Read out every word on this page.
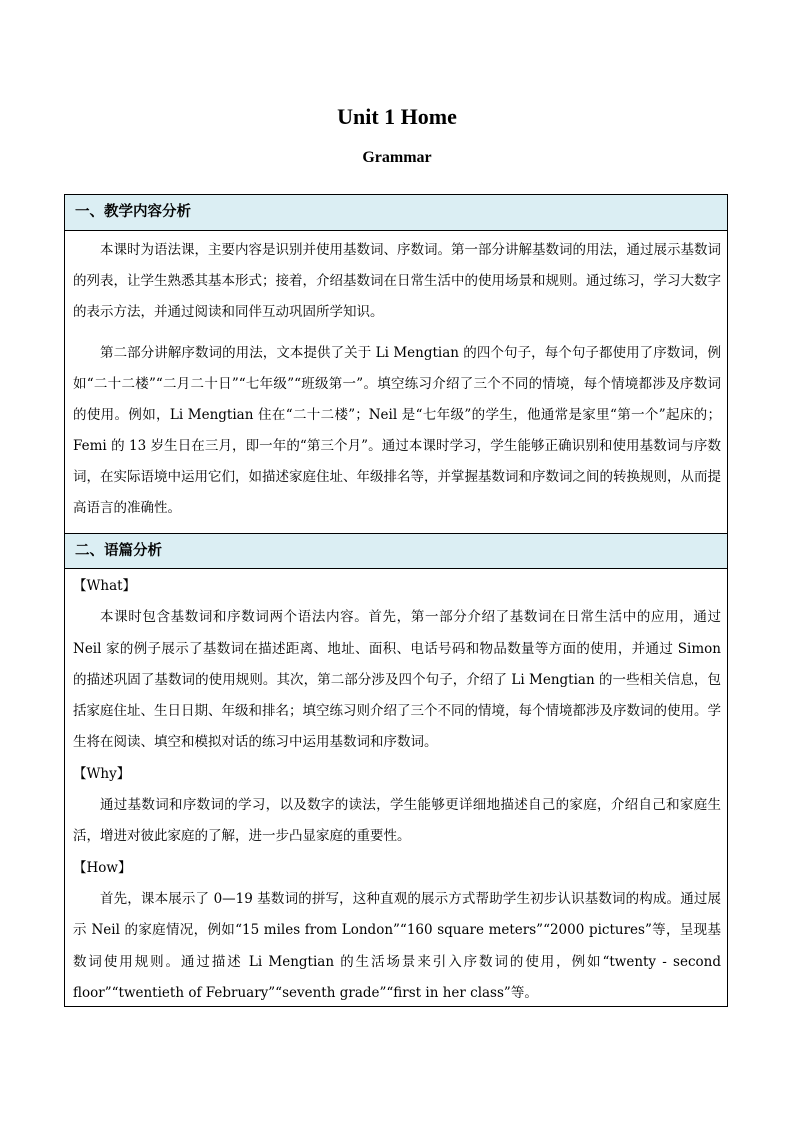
Unit 1 Home
Grammar
一、教学内容分析

本课时为语法课，主要内容是识别并使用基数词、序数词。第一部分讲解基数词的用法，通过展示基数词的列表，让学生熟悉其基本形式；接着，介绍基数词在日常生活中的使用场景和规则。通过练习，学习大数字的表示方法，并通过阅读和同伴互动巩固所学知识。

第二部分讲解序数词的用法，文本提供了关于 Li Mengtian 的四个句子，每个句子都使用了序数词，例如“二十二楼”“二月二十日”“七年级”“班级第一”。填空练习介绍了三个不同的情境，每个情境都涉及序数词的使用。例如，Li Mengtian 住在“二十二楼”；Neil 是“七年级”的学生，他通常是家里“第一个”起床的；Femi 的 13 岁生日在三月，即一年的“第三个月”。通过本课时学习，学生能够正确识别和使用基数词与序数词，在实际语境中运用它们，如描述家庭住址、年级排名等，并掌握基数词和序数词之间的转换规则，从而提高语言的准确性。

二、语篇分析

【What】

本课时包含基数词和序数词两个语法内容。首先，第一部分介绍了基数词在日常生活中的应用，通过 Neil 家的例子展示了基数词在描述距离、地址、面积、电话号码和物品数量等方面的使用，并通过 Simon 的描述巩固了基数词的使用规则。其次，第二部分涉及四个句子，介绍了 Li Mengtian 的一些相关信息，包括家庭住址、生日日期、年级和排名；填空练习则介绍了三个不同的情境，每个情境都涉及序数词的使用。学生将在阅读、填空和模拟对话的练习中运用基数词和序数词。

【Why】

通过基数词和序数词的学习，以及数字的读法，学生能够更详细地描述自己的家庭，介绍自己和家庭生活，增进对彼此家庭的了解，进一步凸显家庭的重要性。

【How】

首先，课本展示了 0—19 基数词的拼写，这种直观的展示方式帮助学生初步认识基数词的构成。通过展示 Neil 的家庭情况，例如“15 miles from London”“160 square meters”“2000 pictures”等，呈现基数词使用规则。通过描述 Li Mengtian 的生活场景来引入序数词的使用，例如“twenty - second floor”“twentieth of February”“seventh grade”“first in her class”等。
